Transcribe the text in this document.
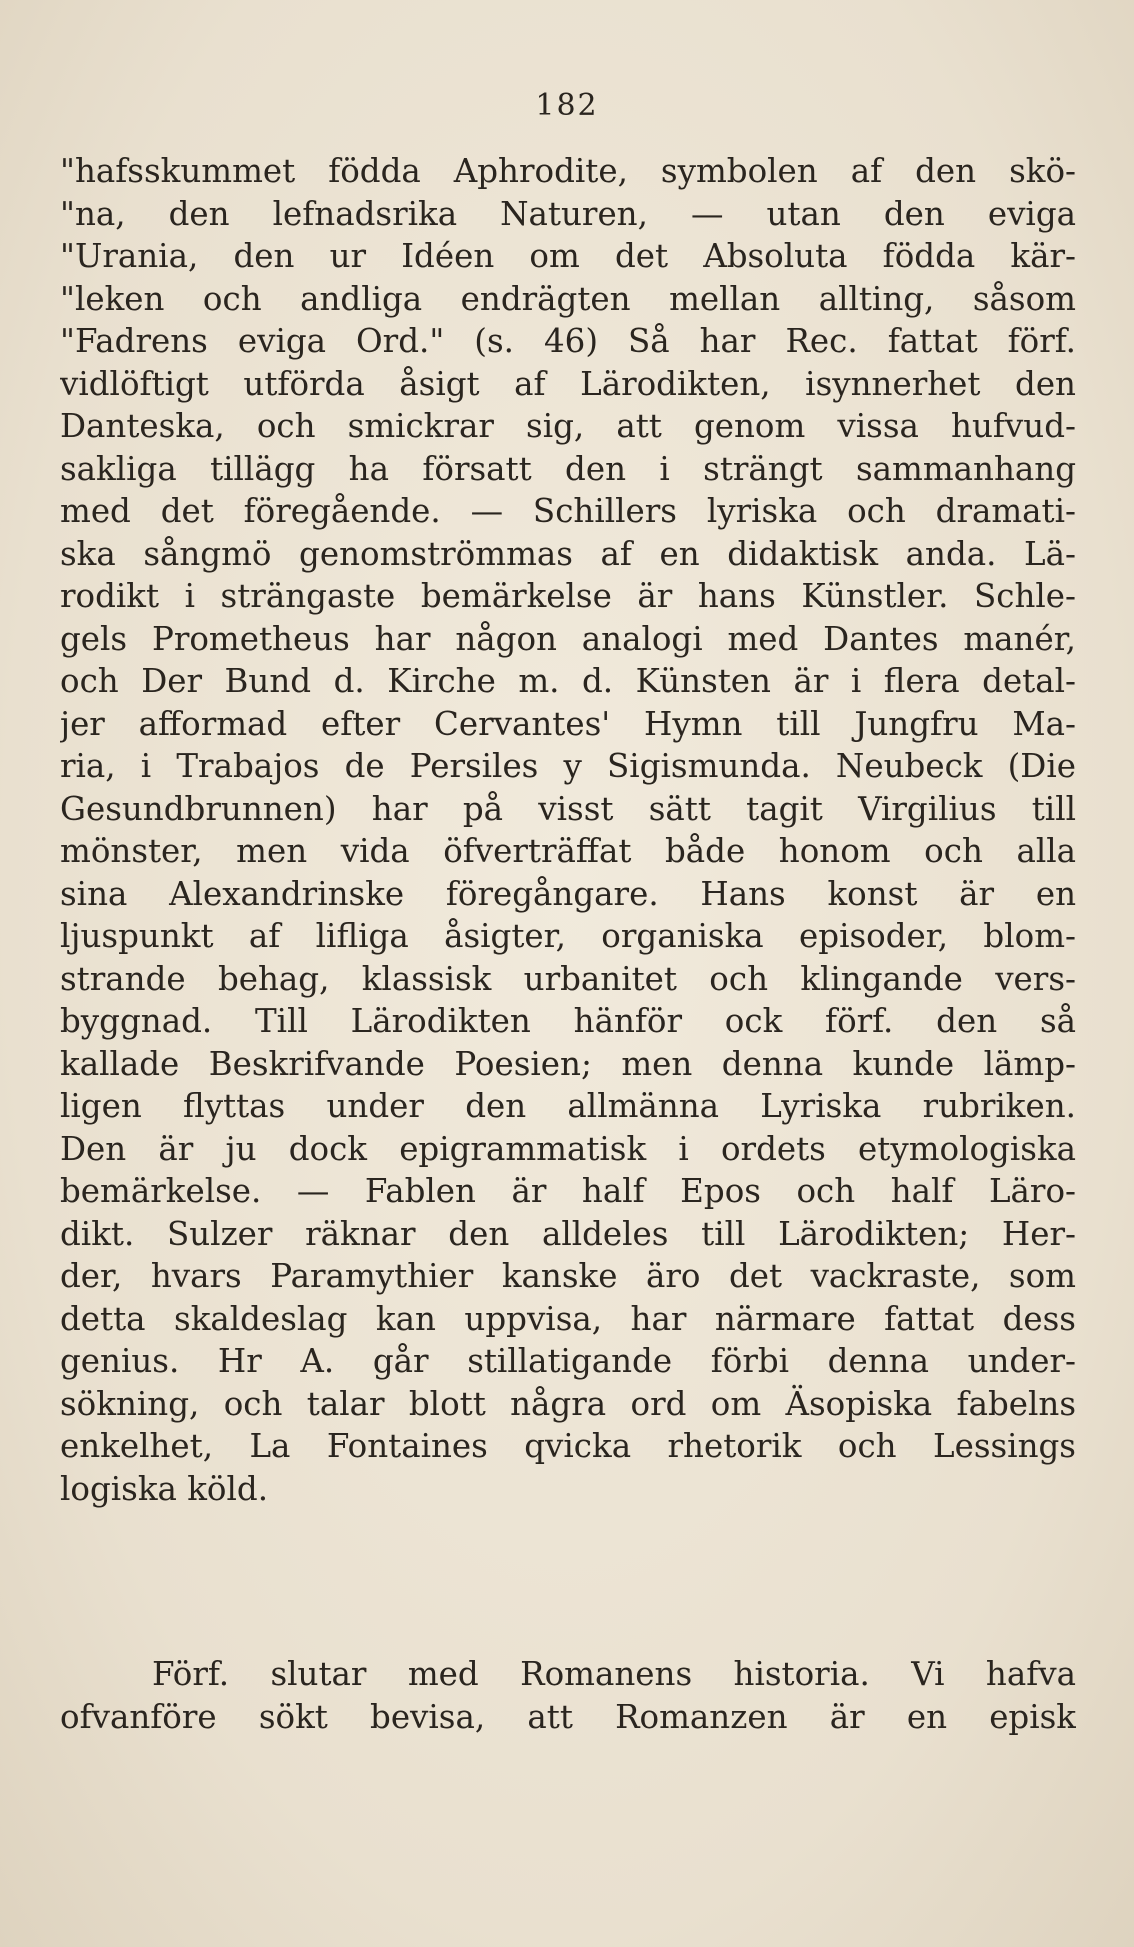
182
"hafsskummet födda Aphrodite, symbolen af den skö-
"na, den lefnadsrika Naturen, — utan den eviga
"Urania, den ur Idéen om det Absoluta födda kär-
"leken och andliga endrägten mellan allting, såsom
"Fadrens eviga Ord." (s. 46) Så har Rec. fattat förf.
vidlöftigt utförda åsigt af Lärodikten, isynnerhet den
Danteska, och smickrar sig, att genom vissa hufvud-
sakliga tillägg ha försatt den i strängt sammanhang
med det föregående. — Schillers lyriska och dramati-
ska sångmö genomströmmas af en didaktisk anda. Lä-
rodikt i strängaste bemärkelse är hans Künstler. Schle-
gels Prometheus har någon analogi med Dantes manér,
och Der Bund d. Kirche m. d. Künsten är i flera detal-
jer afformad efter Cervantes' Hymn till Jungfru Ma-
ria, i Trabajos de Persiles y Sigismunda. Neubeck (Die
Gesundbrunnen) har på visst sätt tagit Virgilius till
mönster, men vida öfverträffat både honom och alla
sina Alexandrinske föregångare. Hans konst är en
ljuspunkt af lifliga åsigter, organiska episoder, blom-
strande behag, klassisk urbanitet och klingande vers-
byggnad. Till Lärodikten hänför ock förf. den så
kallade Beskrifvande Poesien; men denna kunde lämp-
ligen flyttas under den allmänna Lyriska rubriken.
Den är ju dock epigrammatisk i ordets etymologiska
bemärkelse. — Fablen är half Epos och half Läro-
dikt. Sulzer räknar den alldeles till Lärodikten; Her-
der, hvars Paramythier kanske äro det vackraste, som
detta skaldeslag kan uppvisa, har närmare fattat dess
genius. Hr A. går stillatigande förbi denna under-
sökning, och talar blott några ord om Äsopiska fabelns
enkelhet, La Fontaines qvicka rhetorik och Lessings
logiska köld.
Förf. slutar med Romanens historia. Vi hafva
ofvanföre sökt bevisa, att Romanzen är en episk
